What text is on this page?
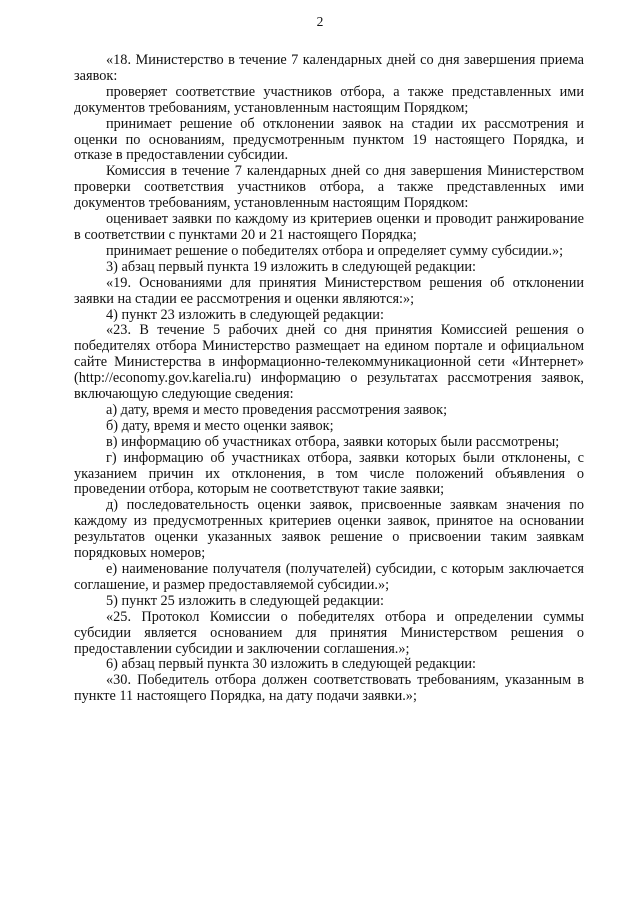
2

«18. Министерство в течение 7 календарных дней со дня завершения приема заявок:

проверяет соответствие участников отбора, а также представленных ими документов требованиям, установленным настоящим Порядком;

принимает решение об отклонении заявок на стадии их рассмотрения и оценки по основаниям, предусмотренным пунктом 19 настоящего Порядка, и отказе в предоставлении субсидии.

Комиссия в течение 7 календарных дней со дня завершения Министерством проверки соответствия участников отбора, а также представленных ими документов требованиям, установленным настоящим Порядком:

оценивает заявки по каждому из критериев оценки и проводит ранжирование в соответствии с пунктами 20 и 21 настоящего Порядка;

принимает решение о победителях отбора и определяет сумму субсидии.»;

3) абзац первый пункта 19 изложить в следующей редакции:

«19. Основаниями для принятия Министерством решения об отклонении заявки на стадии ее рассмотрения и оценки являются:»;

4) пункт 23 изложить в следующей редакции:

«23. В течение 5 рабочих дней со дня принятия Комиссией решения о победителях отбора Министерство размещает на едином портале и официальном сайте Министерства в информационно-телекоммуникационной сети «Интернет» (http://economy.gov.karelia.ru) информацию о результатах рассмотрения заявок, включающую следующие сведения:

а) дату, время и место проведения рассмотрения заявок;

б) дату, время и место оценки заявок;

в) информацию об участниках отбора, заявки которых были рассмотрены;

г) информацию об участниках отбора, заявки которых были отклонены, с указанием причин их отклонения, в том числе положений объявления о проведении отбора, которым не соответствуют такие заявки;

д) последовательность оценки заявок, присвоенные заявкам значения по каждому из предусмотренных критериев оценки заявок, принятое на основании результатов оценки указанных заявок решение о присвоении таким заявкам порядковых номеров;

е) наименование получателя (получателей) субсидии, с которым заключается соглашение, и размер предоставляемой субсидии.»;

5) пункт 25 изложить в следующей редакции:

«25. Протокол Комиссии о победителях отбора и определении суммы субсидии является основанием для принятия Министерством решения о предоставлении субсидии и заключении соглашения.»;

6) абзац первый пункта 30 изложить в следующей редакции:

«30. Победитель отбора должен соответствовать требованиям, указанным в пункте 11 настоящего Порядка, на дату подачи заявки.»;
